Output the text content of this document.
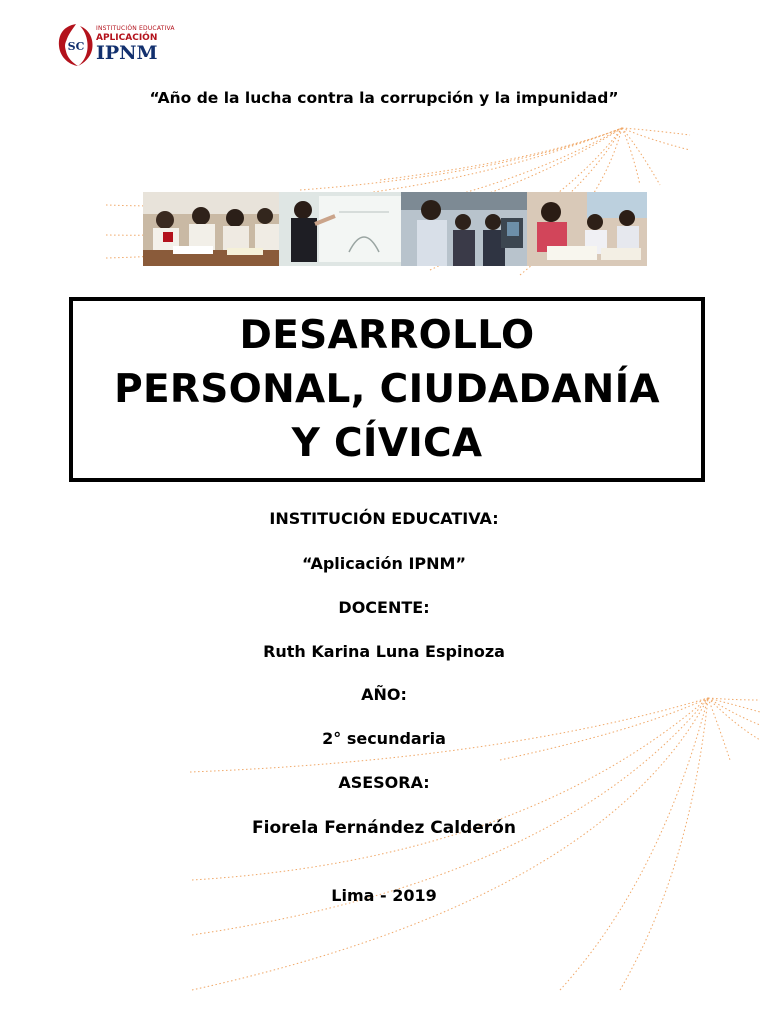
SC
INSTITUCIÓN EDUCATIVA
APLICACIÓN
IPNM
“Año de la lucha contra la corrupción y la impunidad”
DESARROLLO
PERSONAL, CIUDADANÍA
Y CÍVICA
INSTITUCIÓN EDUCATIVA:
“Aplicación IPNM”
DOCENTE:
Ruth Karina Luna Espinoza
AÑO:
2° secundaria
ASESORA:
Fiorela Fernández Calderón
Lima - 2019
